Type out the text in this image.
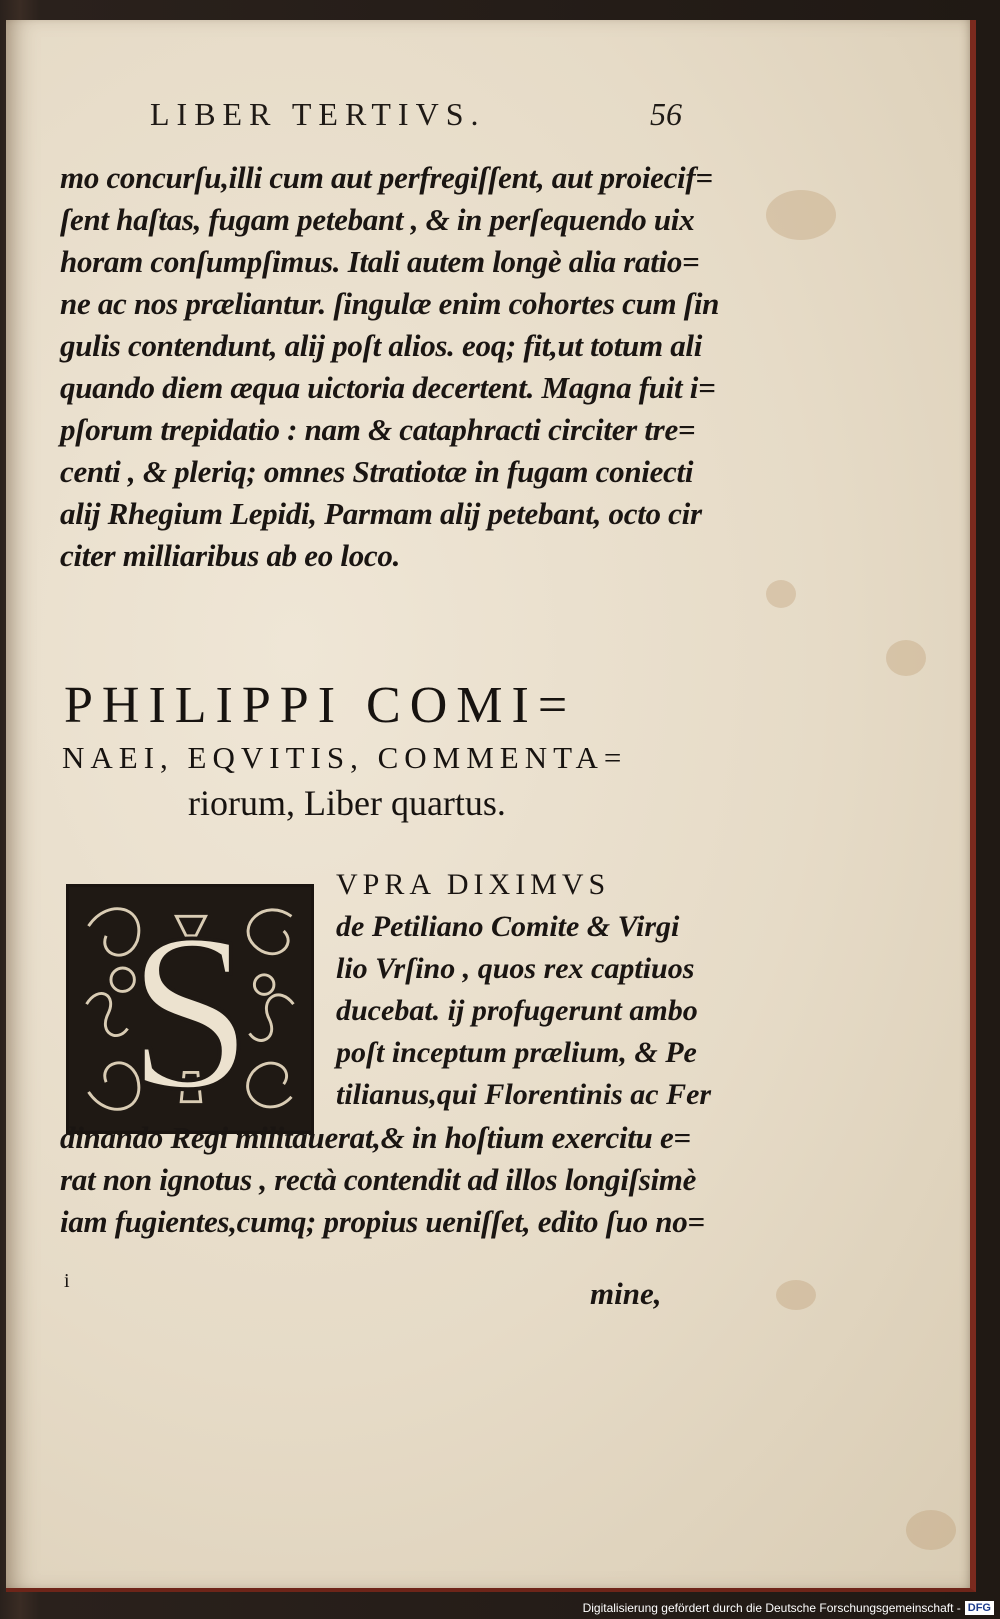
LIBER TERTIVS.	56
mo concurſu,illi cum aut perfregiſſent, aut proiecif=
ſent haſtas, fugam petebant , & in perſequendo uix
horam conſumpſimus. Itali autem longè alia ratio=
ne ac nos præliantur. ſingulæ enim cohortes cum ſin
gulis contendunt, alij poſt alios. eoq; fit,ut totum ali
quando diem æqua uictoria decertent. Magna fuit i=
pſorum trepidatio : nam & cataphracti circiter tre=
centi , & pleriq; omnes Stratiotæ in fugam coniecti
alij Rhegium Lepidi, Parmam alij petebant, octo cir
citer milliaribus ab eo loco.
PHILIPPI COMI=
NAEI, EQVITIS, COMMENTA=
riorum, Liber quartus.
S
VPRA DIXIMVS
de Petiliano Comite & Virgi
lio Vrſino , quos rex captiuos
ducebat. ij profugerunt ambo
poſt inceptum prælium, & Pe
tilianus,qui Florentinis ac Fer
dinando Regi militauerat,& in hoſtium exercitu e=
rat non ignotus , rectà contendit ad illos longiſsimè
iam fugientes,cumq; propius ueniſſet, edito ſuo no=
i	mine,
Digitalisierung gefördert durch die Deutsche Forschungsgemeinschaft - DFG
